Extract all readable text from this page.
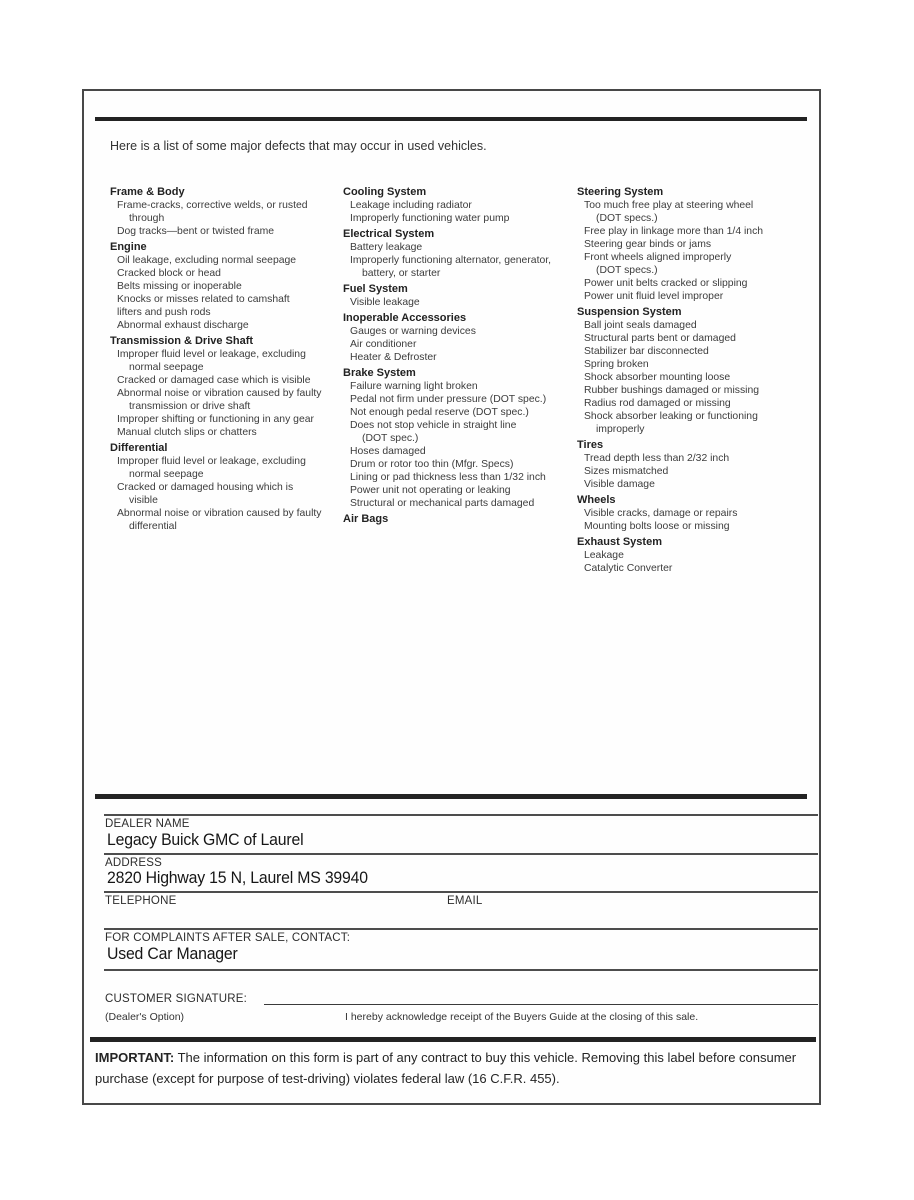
Here is a list of some major defects that may occur in used vehicles.
Frame & Body
Frame-cracks, corrective welds, or rusted
through
Dog tracks—bent or twisted frame
Engine
Oil leakage, excluding normal seepage
Cracked block or head
Belts missing or inoperable
Knocks or misses related to camshaft
lifters and push rods
Abnormal exhaust discharge
Transmission & Drive Shaft
Improper fluid level or leakage, excluding
normal seepage
Cracked or damaged case which is visible
Abnormal noise or vibration caused by faulty
transmission or drive shaft
Improper shifting or functioning in any gear
Manual clutch slips or chatters
Differential
Improper fluid level or leakage, excluding
normal seepage
Cracked or damaged housing which is
visible
Abnormal noise or vibration caused by faulty
differential
Cooling System
Leakage including radiator
Improperly functioning water pump
Electrical System
Battery leakage
Improperly functioning alternator, generator,
battery, or starter
Fuel System
Visible leakage
Inoperable Accessories
Gauges or warning devices
Air conditioner
Heater & Defroster
Brake System
Failure warning light broken
Pedal not firm under pressure (DOT spec.)
Not enough pedal reserve (DOT spec.)
Does not stop vehicle in straight line
(DOT spec.)
Hoses damaged
Drum or rotor too thin (Mfgr. Specs)
Lining or pad thickness less than 1/32 inch
Power unit not operating or leaking
Structural or mechanical parts damaged
Air Bags
Steering System
Too much free play at steering wheel
(DOT specs.)
Free play in linkage more than 1/4 inch
Steering gear binds or jams
Front wheels aligned improperly
(DOT specs.)
Power unit belts cracked or slipping
Power unit fluid level improper
Suspension System
Ball joint seals damaged
Structural parts bent or damaged
Stabilizer bar disconnected
Spring broken
Shock absorber mounting loose
Rubber bushings damaged or missing
Radius rod damaged or missing
Shock absorber leaking or functioning
improperly
Tires
Tread depth less than 2/32 inch
Sizes mismatched
Visible damage
Wheels
Visible cracks, damage or repairs
Mounting bolts loose or missing
Exhaust System
Leakage
Catalytic Converter
DEALER NAME
Legacy Buick GMC of Laurel
ADDRESS
2820 Highway 15 N, Laurel MS 39940
TELEPHONE	EMAIL
FOR COMPLAINTS AFTER SALE, CONTACT:
Used Car Manager
CUSTOMER SIGNATURE:
(Dealer's Option)	I hereby acknowledge receipt of the Buyers Guide at the closing of this sale.
IMPORTANT: The information on this form is part of any contract to buy this vehicle. Removing this label before consumer purchase (except for purpose of test-driving) violates federal law (16 C.F.R. 455).
